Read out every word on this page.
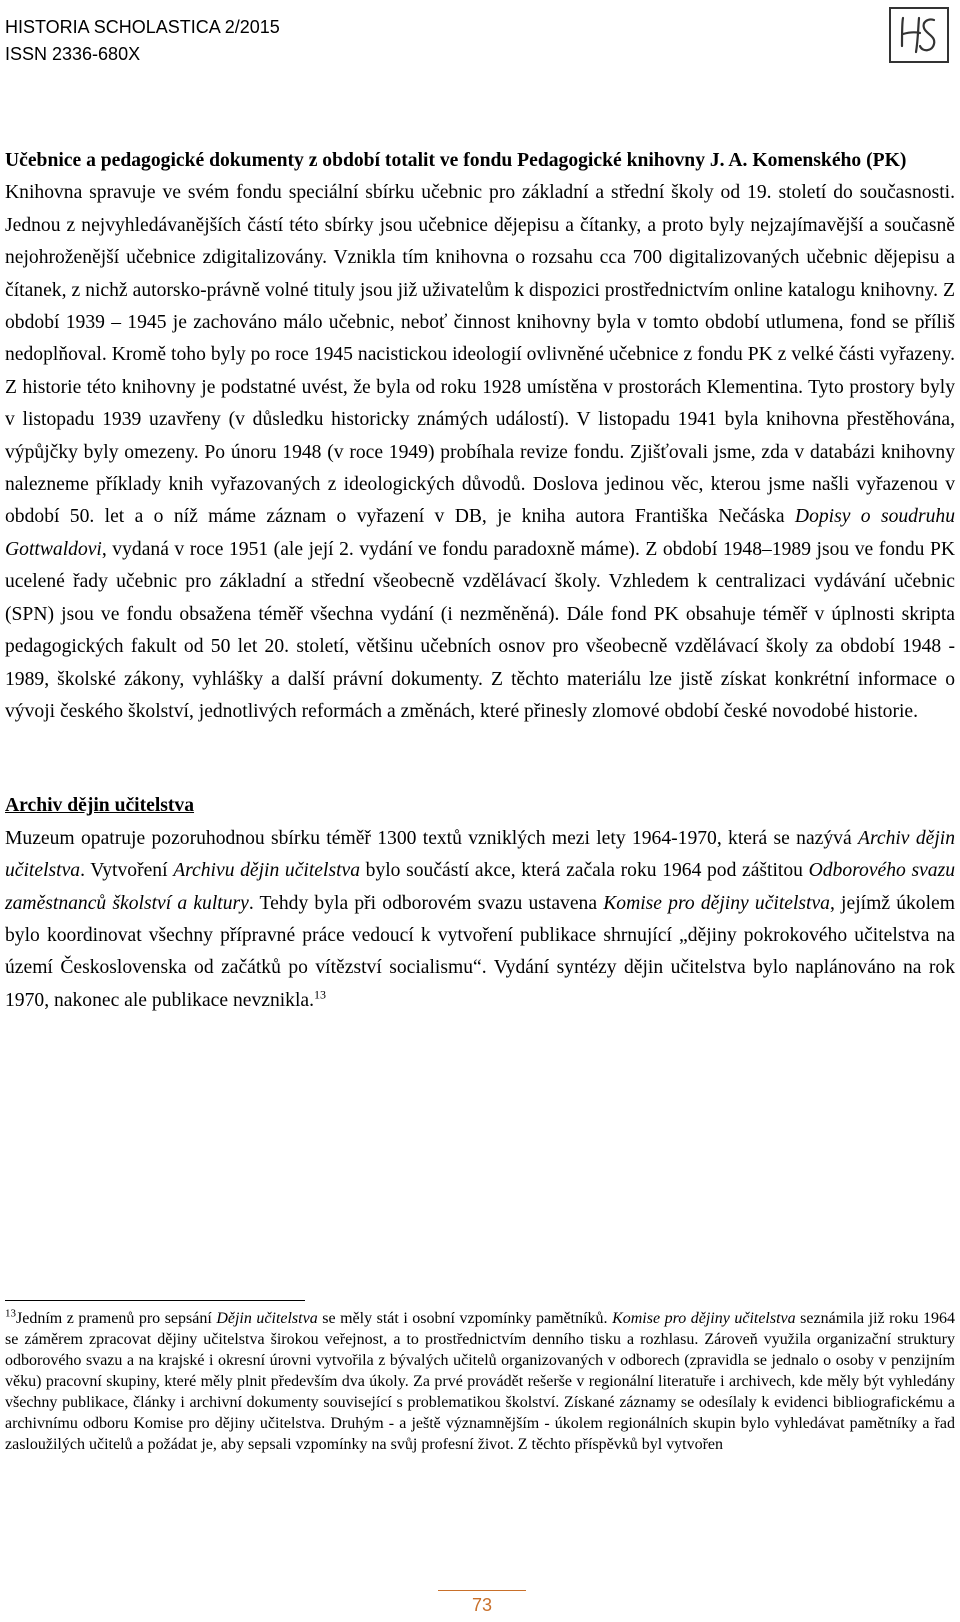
HISTORIA SCHOLASTICA 2/2015
ISSN 2336-680X
Učebnice a pedagogické dokumenty z období totalit ve fondu Pedagogické knihovny J. A. Komenského (PK)

Knihovna spravuje ve svém fondu speciální sbírku učebnic pro základní a střední školy od 19. století do současnosti. Jednou z nejvyhledávanějších částí této sbírky jsou učebnice dějepisu a čítanky, a proto byly nejzajímavější a současně nejohroženější učebnice zdigitalizovány. Vznikla tím knihovna o rozsahu cca 700 digitalizovaných učebnic dějepisu a čítanek, z nichž autorsko-právně volné tituly jsou již uživatelům k dispozici prostřednictvím online katalogu knihovny. Z období 1939 – 1945 je zachováno málo učebnic, neboť činnost knihovny byla v tomto období utlumena, fond se příliš nedoplňoval. Kromě toho byly po roce 1945 nacistickou ideologií ovlivněné učebnice z fondu PK z velké části vyřazeny. Z historie této knihovny je podstatné uvést, že byla od roku 1928 umístěna v prostorách Klementina. Tyto prostory byly v listopadu 1939 uzavřeny (v důsledku historicky známých událostí). V listopadu 1941 byla knihovna přestěhována, výpůjčky byly omezeny. Po únoru 1948 (v roce 1949) probíhala revize fondu. Zjišťovali jsme, zda v databázi knihovny nalezneme příklady knih vyřazovaných z ideologických důvodů. Doslova jedinou věc, kterou jsme našli vyřazenou v období 50. let a o níž máme záznam o vyřazení v DB, je kniha autora Františka Nečáska Dopisy o soudruhu Gottwaldovi, vydaná v roce 1951 (ale její 2. vydání ve fondu paradoxně máme). Z období 1948–1989 jsou ve fondu PK ucelené řady učebnic pro základní a střední všeobecně vzdělávací školy. Vzhledem k centralizaci vydávání učebnic (SPN) jsou ve fondu obsažena téměř všechna vydání (i nezměněná). Dále fond PK obsahuje téměř v úplnosti skripta pedagogických fakult od 50 let 20. století, většinu učebních osnov pro všeobecně vzdělávací školy za období 1948 - 1989, školské zákony, vyhlášky a další právní dokumenty. Z těchto materiálu lze jistě získat konkrétní informace o vývoji českého školství, jednotlivých reformách a změnách, které přinesly zlomové období české novodobé historie.

Archiv dějin učitelstva

Muzeum opatruje pozoruhodnou sbírku téměř 1300 textů vzniklých mezi lety 1964-1970, která se nazývá Archiv dějin učitelstva. Vytvoření Archivu dějin učitelstva bylo součástí akce, která začala roku 1964 pod záštitou Odborového svazu zaměstnanců školství a kultury. Tehdy byla při odborovém svazu ustavena Komise pro dějiny učitelstva, jejímž úkolem bylo koordinovat všechny přípravné práce vedoucí k vytvoření publikace shrnující „dějiny pokrokového učitelstva na území Československa od začátků po vítězství socialismu“. Vydání syntézy dějin učitelstva bylo naplánováno na rok 1970, nakonec ale publikace nevznikla.$^{13}$

$^{13}$Jedním z pramenů pro sepsání Dějin učitelstva se měly stát i osobní vzpomínky pamětníků. Komise pro dějiny učitelstva seznámila již roku 1964 se záměrem zpracovat dějiny učitelstva širokou veřejnost, a to prostřednictvím denního tisku a rozhlasu. Zároveň využila organizační struktury odborového svazu a na krajské i okresní úrovni vytvořila z bývalých učitelů organizovaných v odborech (zpravidla se jednalo o osoby v penzijním věku) pracovní skupiny, které měly plnit především dva úkoly. Za prvé provádět rešerše v regionální literatuře i archivech, kde měly být vyhledány všechny publikace, články i archivní dokumenty související s problematikou školství. Získané záznamy se odesílaly k evidenci bibliografickému a archivnímu odboru Komise pro dějiny učitelstva. Druhým - a ještě významnějším - úkolem regionálních skupin bylo vyhledávat pamětníky a řad zasloužilých učitelů a požádat je, aby sepsali vzpomínky na svůj profesní život. Z těchto příspěvků byl vytvořen
73
